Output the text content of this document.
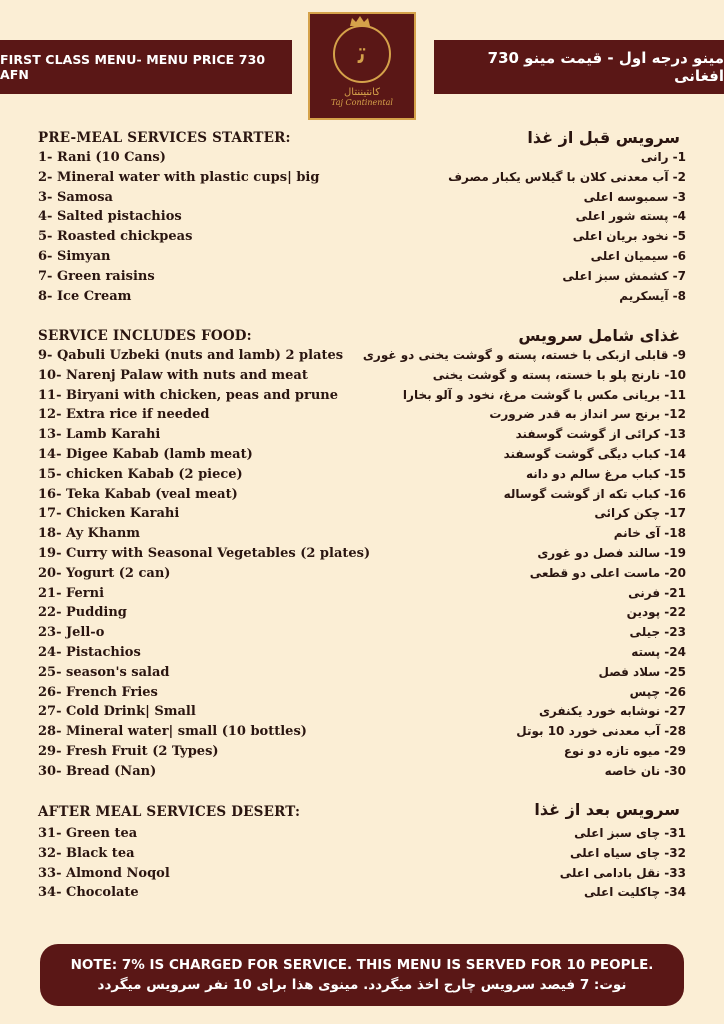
FIRST CLASS MENU- MENU PRICE 730 AFN
مینو درجه اول - قیمت مینو 730 افغانی
ﺗ
کانتیننتال
Taj Continental
PRE-MEAL SERVICES STARTER:	سرویس قبل از غذا
1- Rani (10 Cans)	1- رانی
2- Mineral water with plastic cups| big	2- آب معدنی کلان با گیلاس یکبار مصرف
3- Samosa	3- سمبوسه اعلی
4- Salted pistachios	4- پسته شور اعلی
5- Roasted chickpeas	5- نخود بریان اعلی
6- Simyan	6- سیمیان اعلی
7- Green raisins	7- کشمش سبز اعلی
8- Ice Cream	8- آیسکریم
SERVICE INCLUDES FOOD:	غذای شامل سرویس
9- Qabuli Uzbeki (nuts and lamb) 2 plates 9- قابلی ازبکی با خسته، پسته و گوشت یخنی دو غوری
10- Narenj Palaw with nuts and meat	10- نارنج پلو با خسته، پسته و گوشت یخنی
11- Biryani with chicken, peas and prune	11- بریانی مکس با گوشت مرغ، نخود و آلو بخارا
12- Extra rice if needed	12- برنج سر انداز به قدر ضرورت
13- Lamb Karahi	13- کرائی از گوشت گوسفند
14- Digee Kabab (lamb meat)	14- کباب دیگی گوشت گوسفند
15- chicken Kabab (2 piece)	15- کباب مرغ سالم دو دانه
16- Teka Kabab (veal meat)	16- کباب تکه از گوشت گوساله
17- Chicken Karahi	17- چکن کرائی
18- Ay Khanm	18- آی خانم
19- Curry with Seasonal Vegetables (2 plates)	19- سالند فصل دو غوری
20- Yogurt (2 can)	20- ماست اعلی دو قطعی
21- Ferni	21- فرنی
22- Pudding	22- پودین
23- Jell-o	23- جیلی
24- Pistachios	24- پسته
25- season's salad	25- سلاد فصل
26- French Fries	26- چپس
27- Cold Drink| Small	27- نوشابه خورد یکنفری
28- Mineral water| small (10 bottles)	28- آب معدنی خورد 10 بوتل
29- Fresh Fruit (2 Types)	29- میوه تازه دو نوع
30- Bread (Nan)	30- نان خاصه
AFTER MEAL SERVICES DESERT:	سرویس بعد از غذا
31- Green tea	31- چای سبز اعلی
32- Black tea	32- چای سیاه اعلی
33- Almond Noqol	33- نقل بادامی اعلی
34- Chocolate	34- چاکلیت اعلی
NOTE: 7% IS CHARGED FOR SERVICE. THIS MENU IS SERVED FOR 10 PEOPLE.
نوت: 7 فیصد سرویس چارج اخذ میگردد. مینوی هذا برای 10 نفر سرویس میگردد
